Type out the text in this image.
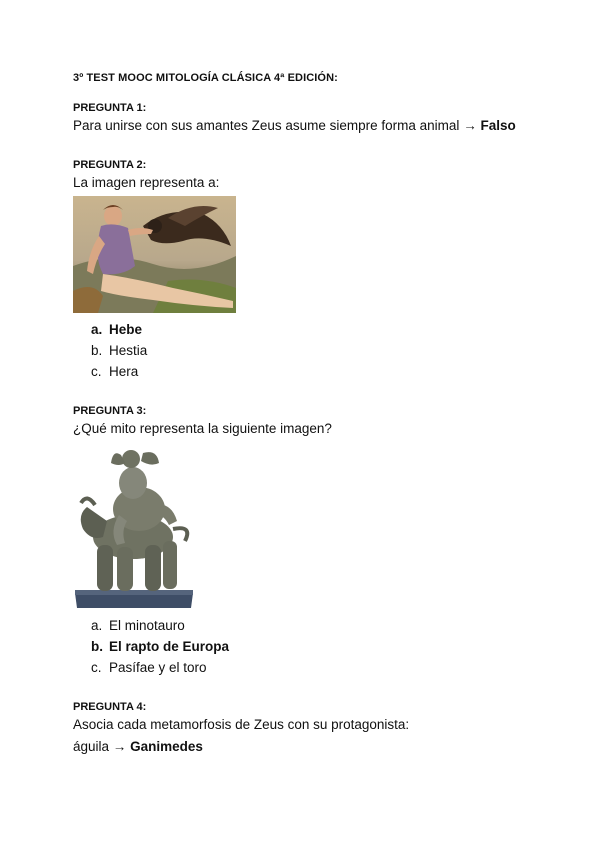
3º TEST MOOC MITOLOGÍA CLÁSICA 4ª EDICIÓN:
PREGUNTA 1:
Para unirse con sus amantes Zeus asume siempre forma animal → Falso
PREGUNTA 2:
La imagen representa a:
a. Hebe
b. Hestia
c. Hera
PREGUNTA 3:
¿Qué mito representa la siguiente imagen?
a. El minotauro
b. El rapto de Europa
c. Pasífae y el toro
PREGUNTA 4:
Asocia cada metamorfosis de Zeus con su protagonista:
águila → Ganimedes
